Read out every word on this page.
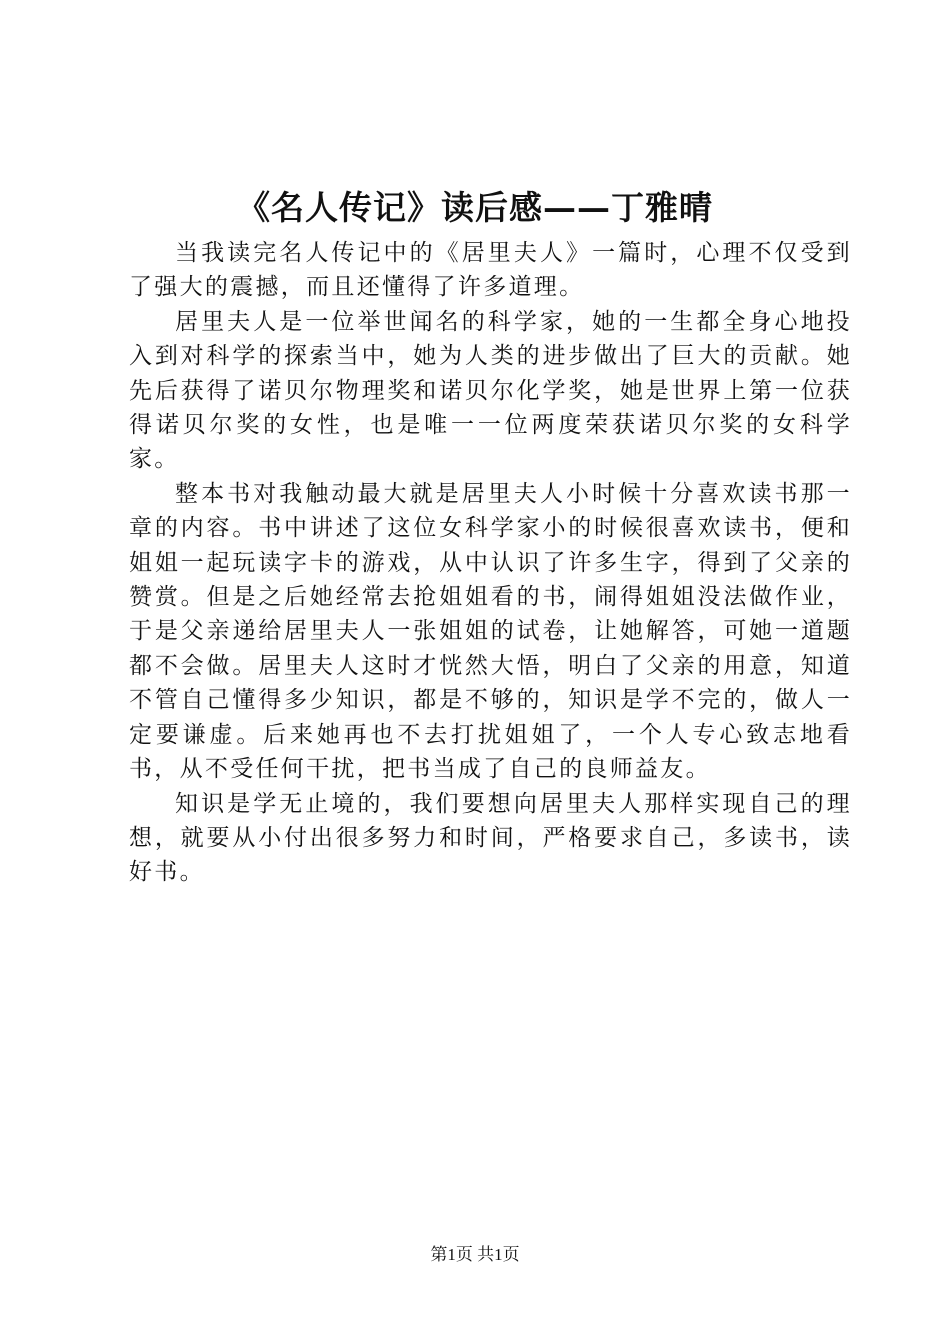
《名人传记》读后感——丁雅晴

当我读完名人传记中的《居里夫人》一篇时，心理不仅受到了强大的震撼，而且还懂得了许多道理。

居里夫人是一位举世闻名的科学家，她的一生都全身心地投入到对科学的探索当中，她为人类的进步做出了巨大的贡献。她先后获得了诺贝尔物理奖和诺贝尔化学奖，她是世界上第一位获得诺贝尔奖的女性，也是唯一一位两度荣获诺贝尔奖的女科学家。

整本书对我触动最大就是居里夫人小时候十分喜欢读书那一章的内容。书中讲述了这位女科学家小的时候很喜欢读书，便和姐姐一起玩读字卡的游戏，从中认识了许多生字，得到了父亲的赞赏。但是之后她经常去抢姐姐看的书，闹得姐姐没法做作业，于是父亲递给居里夫人一张姐姐的试卷，让她解答，可她一道题都不会做。居里夫人这时才恍然大悟，明白了父亲的用意，知道不管自己懂得多少知识，都是不够的，知识是学不完的，做人一定要谦虚。后来她再也不去打扰姐姐了，一个人专心致志地看书，从不受任何干扰，把书当成了自己的良师益友。

知识是学无止境的，我们要想向居里夫人那样实现自己的理想，就要从小付出很多努力和时间，严格要求自己，多读书，读好书。

第1页 共1页
